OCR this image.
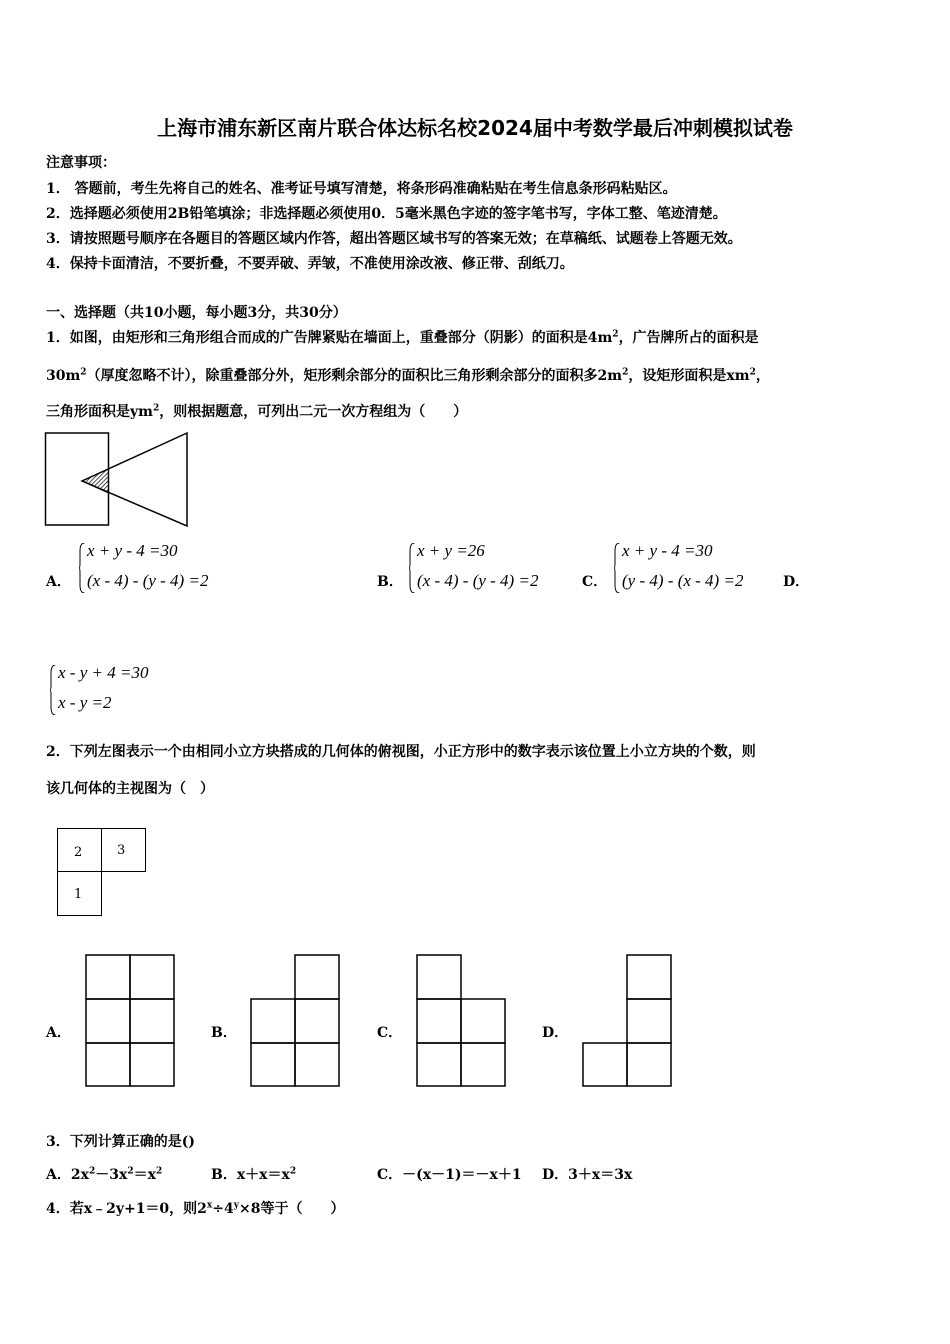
上海市浦东新区南片联合体达标名校2024届中考数学最后冲刺模拟试卷
注意事项：
1． 答题前，考生先将自己的姓名、准考证号填写清楚，将条形码准确粘贴在考生信息条形码粘贴区。
2．选择题必须使用2B铅笔填涂；非选择题必须使用0．5毫米黑色字迹的签字笔书写，字体工整、笔迹清楚。
3．请按照题号顺序在各题目的答题区域内作答，超出答题区域书写的答案无效；在草稿纸、试题卷上答题无效。
4．保持卡面清洁，不要折叠，不要弄破、弄皱，不准使用涂改液、修正带、刮纸刀。
一、选择题（共10小题，每小题3分，共30分）
1．如图，由矩形和三角形组合而成的广告牌紧贴在墙面上，重叠部分（阴影）的面积是$4m^2$，广告牌所占的面积是
$30m^2$（厚度忽略不计），除重叠部分外，矩形剩余部分的面积比三角形剩余部分的面积多$2m^2$，设矩形面积是$xm^2$，
三角形面积是$ym^2$，则根据题意，可列出二元一次方程组为（　　）
A．
x + y - 4 =30
(x - 4) - (y - 4) =2	B．
x + y =26
(x - 4) - (y - 4) =2	C．
x + y - 4 =30
(y - 4) - (x - 4) =2	D．
x - y + 4 =30
x - y =2
2．下列左图表示一个由相同小立方块搭成的几何体的俯视图，小正方形中的数字表示该位置上小立方块的个数，则
该几何体的主视图为（　）
2	3
1
A．	B．	C．	D．
3．下列计算正确的是()
A．$2x^2-3x^2=x^2$	B．$x+x=x^2$	C．－(x－1)＝－x＋1 D．3＋x＝3x
4．若x﹣2y+1＝0，则$2^x\div 4^y\times 8$等于（　　）
